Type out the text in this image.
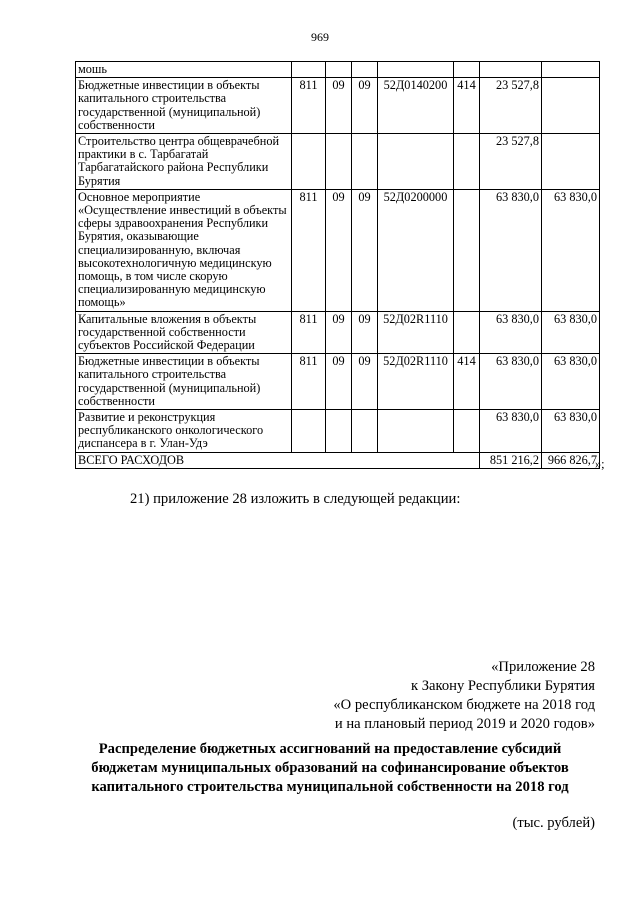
969
мошь							
Бюджетные инвестиции в объекты капитального строительства государственной (муниципальной) собственности	811	09	09	52Д0140200	414	23 527,8	
Строительство центра общеврачебной практики в с. Тарбагатай Тарбагатайского района Республики Бурятия						23 527,8	
Основное мероприятие «Осуществление инвестиций в объекты сферы здравоохранения Республики Бурятия, оказывающие специализированную, включая высокотехнологичную медицинскую помощь, в том числе скорую специализированную медицинскую помощь»	811	09	09	52Д0200000		63 830,0	63 830,0
Капитальные вложения в объекты государственной собственности субъектов Российской Федерации	811	09	09	52Д02R1110		63 830,0	63 830,0
Бюджетные инвестиции в объекты капитального строительства государственной (муниципальной) собственности	811	09	09	52Д02R1110	414	63 830,0	63 830,0
Развитие и реконструкция республиканского онкологического диспансера в г. Улан-Удэ						63 830,0	63 830,0
ВСЕГО РАСХОДОВ						851 216,2	966 826,7
»;
21) приложение 28 изложить в следующей редакции:
«Приложение 28
к Закону Республики Бурятия
«О республиканском бюджете на 2018 год
и на плановый период 2019 и 2020 годов»
Распределение бюджетных ассигнований на предоставление субсидий
бюджетам муниципальных образований на софинансирование объектов
капитального строительства муниципальной собственности на 2018 год
(тыс. рублей)
